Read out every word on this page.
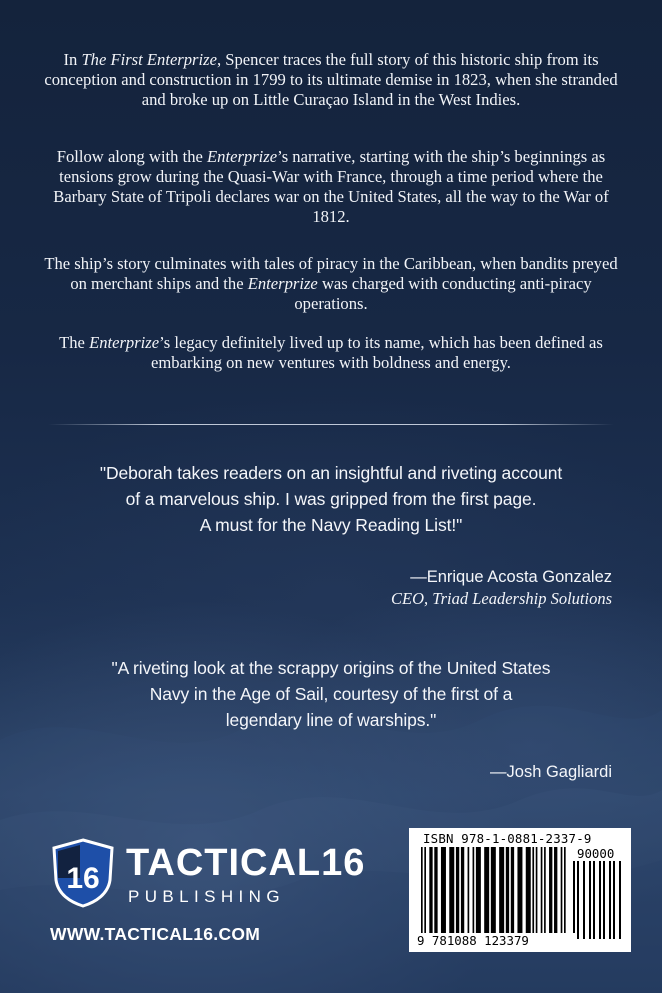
In The First Enterprize, Spencer traces the full story of this historic ship from its conception and construction in 1799 to its ultimate demise in 1823, when she stranded and broke up on Little Curaçao Island in the West Indies.

Follow along with the Enterprize’s narrative, starting with the ship’s beginnings as tensions grow during the Quasi-War with France, through a time period where the Barbary State of Tripoli declares war on the United States, all the way to the War of 1812.

The ship’s story culminates with tales of piracy in the Caribbean, when bandits preyed on merchant ships and the Enterprize was charged with conducting anti-piracy operations.

The Enterprize’s legacy definitely lived up to its name, which has been defined as embarking on new ventures with boldness and energy.

"Deborah takes readers on an insightful and riveting account
of a marvelous ship. I was gripped from the first page.
A must for the Navy Reading List!"
—Enrique Acosta Gonzalez
CEO, Triad Leadership Solutions
"A riveting look at the scrappy origins of the United States
Navy in the Age of Sail, courtesy of the first of a
legendary line of warships."
—Josh Gagliardi
16 TACTICAL16
PUBLISHING
WWW.TACTICAL16.COM
ISBN 978-1-0881-2337-9
90000
9 781088 123379
